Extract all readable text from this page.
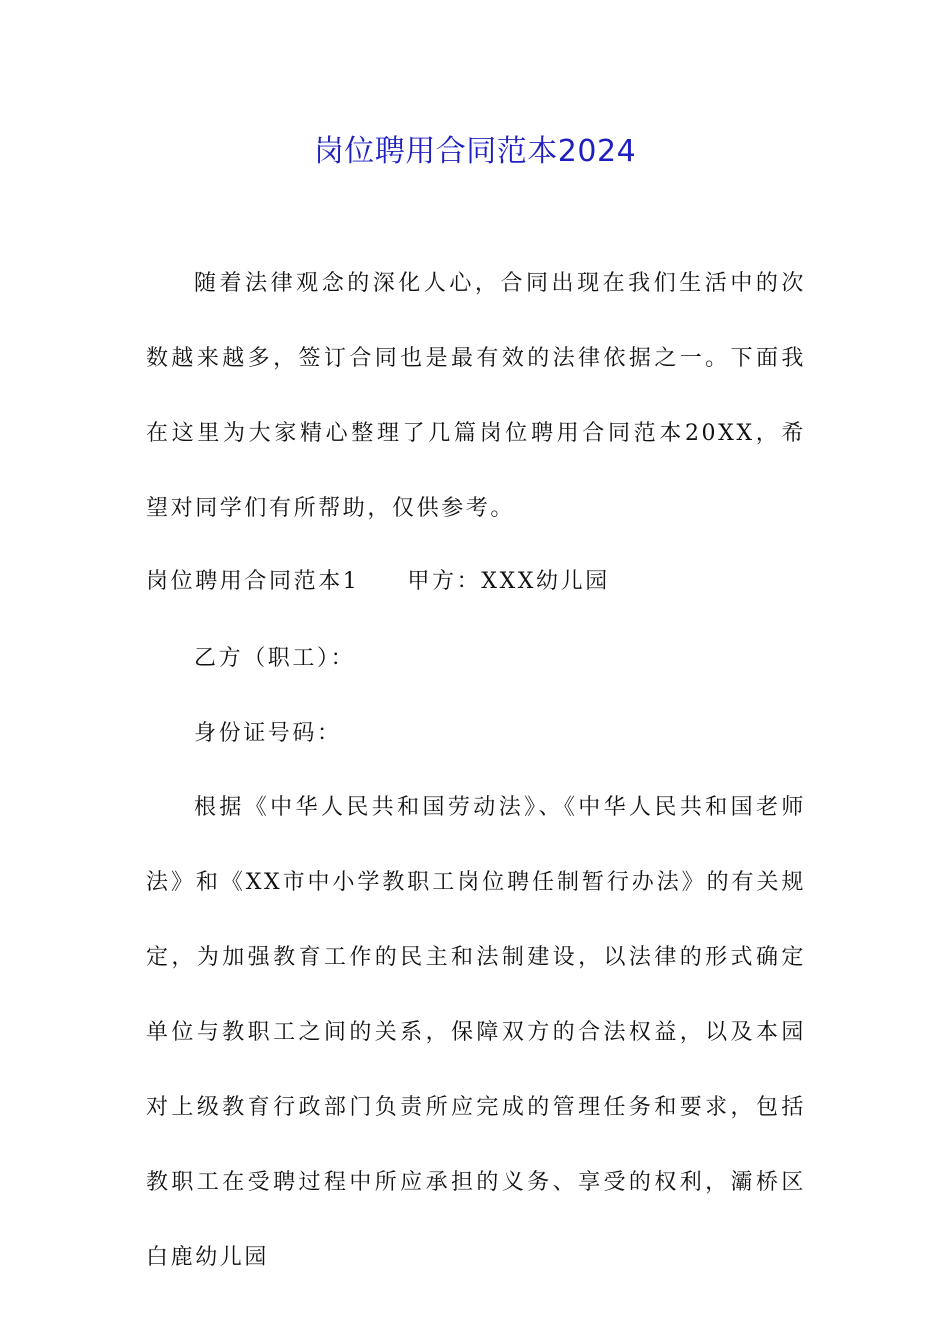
岗位聘用合同范本2024

随着法律观念的深化人心，合同出现在我们生活中的次数越来越多，签订合同也是最有效的法律依据之一。下面我在这里为大家精心整理了几篇岗位聘用合同范本20XX，希望对同学们有所帮助，仅供参考。

岗位聘用合同范本1 甲方：XXX幼儿园

乙方（职工）：

身份证号码：

根据《中华人民共和国劳动法》、《中华人民共和国老师法》和《XX市中小学教职工岗位聘任制暂行办法》的有关规定，为加强教育工作的民主和法制建设，以法律的形式确定单位与教职工之间的关系，保障双方的合法权益，以及本园对上级教育行政部门负责所应完成的管理任务和要求，包括教职工在受聘过程中所应承担的义务、享受的权利，灞桥区白鹿幼儿园
